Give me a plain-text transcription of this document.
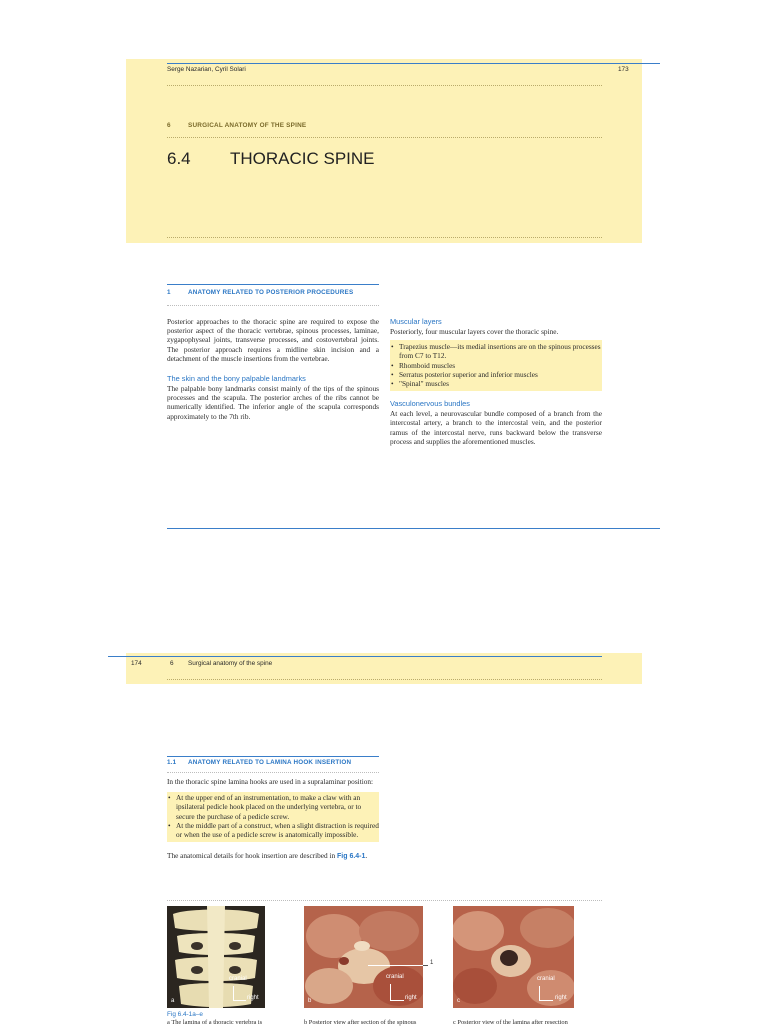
Serge Nazarian, Cyril Solari	173
6	SURGICAL ANATOMY OF THE SPINE
6.4 THORACIC SPINE
1	ANATOMY RELATED TO POSTERIOR PROCEDURES
Posterior approaches to the thoracic spine are required to expose the posterior aspect of the thoracic vertebrae, spinous processes, laminae, zygapophyseal joints, transverse processes, and costovertebral joints. The posterior approach requires a midline skin incision and a detachment of the muscle insertions from the vertebrae.
The skin and the bony palpable landmarks
The palpable bony landmarks consist mainly of the tips of the spinous processes and the scapula. The posterior arches of the ribs cannot be numerically identified. The inferior angle of the scapula corresponds approximately to the 7th rib.
Muscular layers
Posteriorly, four muscular layers cover the thoracic spine.
• Trapezius muscle—its medial insertions are on the spinous processes from C7 to T12.
• Rhomboid muscles
• Serratus posterior superior and inferior muscles
• "Spinal" muscles
Vasculonervous bundles
At each level, a neurovascular bundle composed of a branch from the intercostal artery, a branch to the intercostal vein, and the posterior ramus of the intercostal nerve, runs backward below the transverse process and supplies the aforementioned muscles.
174	6 Surgical anatomy of the spine
1.1 ANATOMY RELATED TO LAMINA HOOK INSERTION
In the thoracic spine lamina hooks are used in a supralaminar position:
• At the upper end of an instrumentation, to make a claw with an ipsilateral pedicle hook placed on the underlying vertebra, or to secure the purchase of a pedicle screw.
• At the middle part of a construct, when a slight distraction is required or when the use of a pedicle screw is anatomically impossible.
The anatomical details for hook insertion are described in Fig 6.4-1.
cranial
right
a
cranial
right
b
1
cranial
right
c
Fig 6.4-1a–e
a The lamina of a thoracic vertebra is	b Posterior view after section of the spinous	c Posterior view of the lamina after resection
